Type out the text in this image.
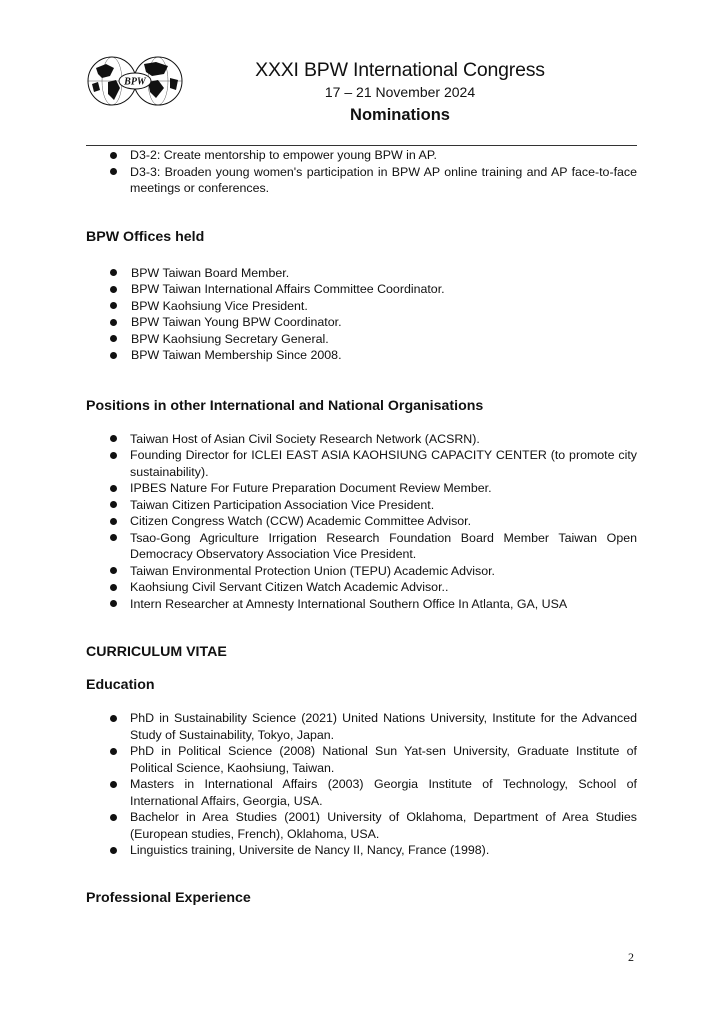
BPW
XXXI BPW International Congress
17 – 21 November 2024
Nominations
D3-2: Create mentorship to empower young BPW in AP.
D3-3: Broaden young women's participation in BPW AP online training and AP face-to-face meetings or conferences.
BPW Offices held
BPW Taiwan Board Member.
BPW Taiwan International Affairs Committee Coordinator.
BPW Kaohsiung Vice President.
BPW Taiwan Young BPW Coordinator.
BPW Kaohsiung Secretary General.
BPW Taiwan Membership Since 2008.
Positions in other International and National Organisations
Taiwan Host of Asian Civil Society Research Network (ACSRN).
Founding Director for ICLEI EAST ASIA KAOHSIUNG CAPACITY CENTER (to promote city sustainability).
IPBES Nature For Future Preparation Document Review Member.
Taiwan Citizen Participation Association Vice President.
Citizen Congress Watch (CCW) Academic Committee Advisor.
Tsao-Gong Agriculture Irrigation Research Foundation Board Member Taiwan Open Democracy Observatory Association Vice President.
Taiwan Environmental Protection Union (TEPU) Academic Advisor.
Kaohsiung Civil Servant Citizen Watch Academic Advisor..
Intern Researcher at Amnesty International Southern Office In Atlanta, GA, USA
CURRICULUM VITAE
Education
PhD in Sustainability Science (2021) United Nations University, Institute for the Advanced Study of Sustainability, Tokyo, Japan.
PhD in Political Science (2008) National Sun Yat-sen University, Graduate Institute of Political Science, Kaohsiung, Taiwan.
Masters in International Affairs (2003) Georgia Institute of Technology, School of International Affairs, Georgia, USA.
Bachelor in Area Studies (2001) University of Oklahoma, Department of Area Studies (European studies, French), Oklahoma, USA.
Linguistics training, Universite de Nancy II, Nancy, France (1998).
Professional Experience
2
